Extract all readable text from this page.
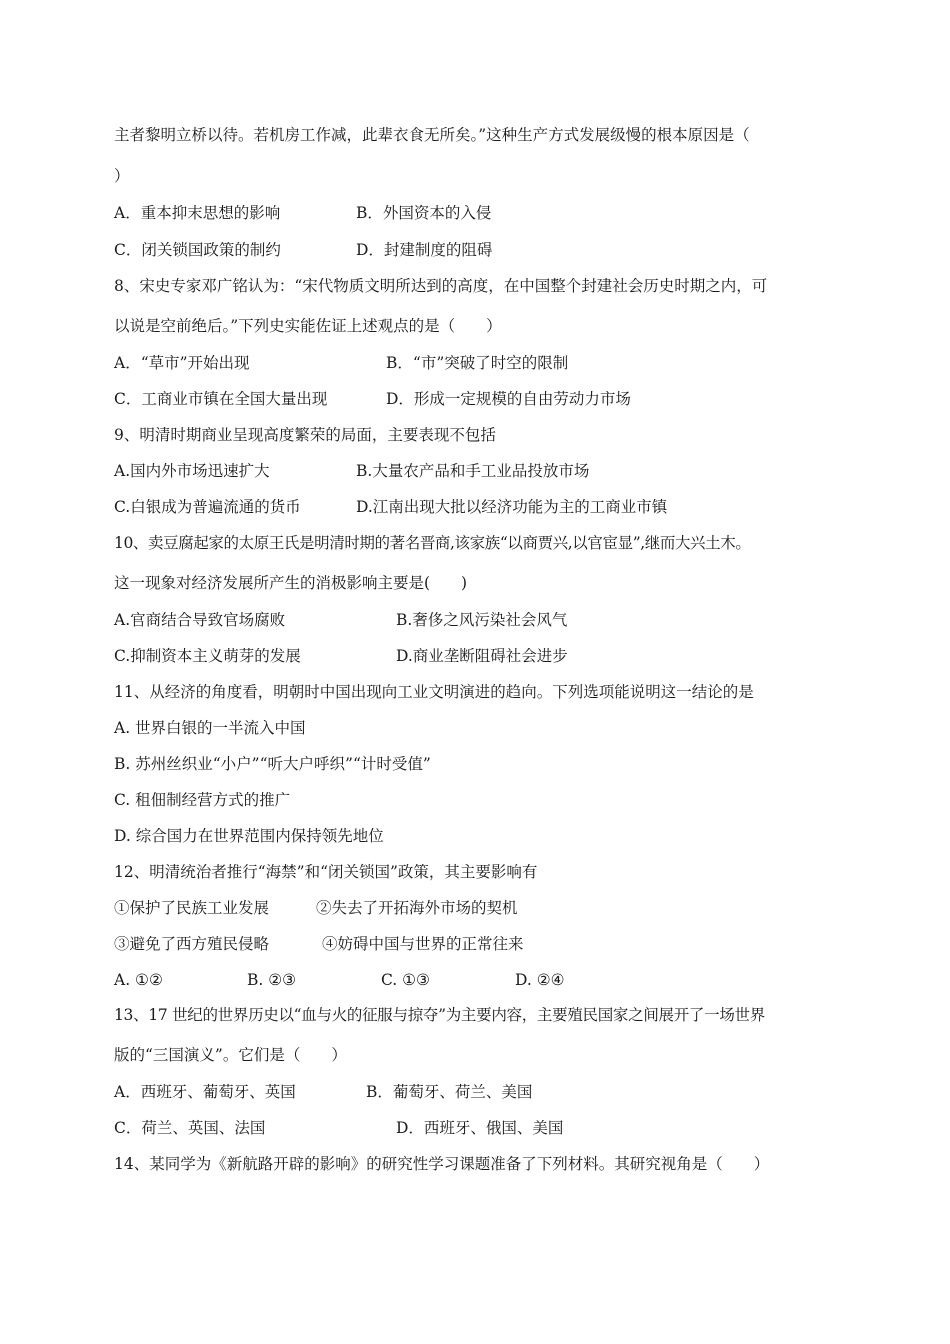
主者黎明立桥以待。若机房工作减，此辈衣食无所矣。”这种生产方式发展级慢的根本原因是（
）
A．重本抑末思想的影响	B．外国资本的入侵
C．闭关锁国政策的制约	D．封建制度的阻碍
8、宋史专家邓广铭认为：“宋代物质文明所达到的高度，在中国整个封建社会历史时期之内，可
以说是空前绝后。”下列史实能佐证上述观点的是（　　）
A．“草市”开始出现	B．“市”突破了时空的限制
C．工商业市镇在全国大量出现	D．形成一定规模的自由劳动力市场
9、明清时期商业呈现高度繁荣的局面，主要表现不包括
A.国内外市场迅速扩大	B.大量农产品和手工业品投放市场
C.白银成为普遍流通的货币	D.江南出现大批以经济功能为主的工商业市镇
10、卖豆腐起家的太原王氏是明清时期的著名晋商,该家族“以商贾兴,以官宦显”,继而大兴土木。
这一现象对经济发展所产生的消极影响主要是(　　)
A.官商结合导致官场腐败	B.奢侈之风污染社会风气
C.抑制资本主义萌芽的发展	D.商业垄断阻碍社会进步
11、从经济的角度看，明朝时中国出现向工业文明演进的趋向。下列选项能说明这一结论的是
A. 世界白银的一半流入中国
B. 苏州丝织业“小户”“听大户呼织”“计时受值”
C. 租佃制经营方式的推广
D. 综合国力在世界范围内保持领先地位
12、明清统治者推行“海禁”和“闭关锁国”政策，其主要影响有
①保护了民族工业发展	②失去了开拓海外市场的契机
③避免了西方殖民侵略	④妨碍中国与世界的正常往来
A. ①②	B. ②③	C. ①③	D. ②④
13、17 世纪的世界历史以“血与火的征服与掠夺”为主要内容，主要殖民国家之间展开了一场世界
版的“三国演义”。它们是（　　）
A．西班牙、葡萄牙、英国	B．葡萄牙、荷兰、美国
C．荷兰、英国、法国	D．西班牙、俄国、美国
14、某同学为《新航路开辟的影响》的研究性学习课题准备了下列材料。其研究视角是（　　）
